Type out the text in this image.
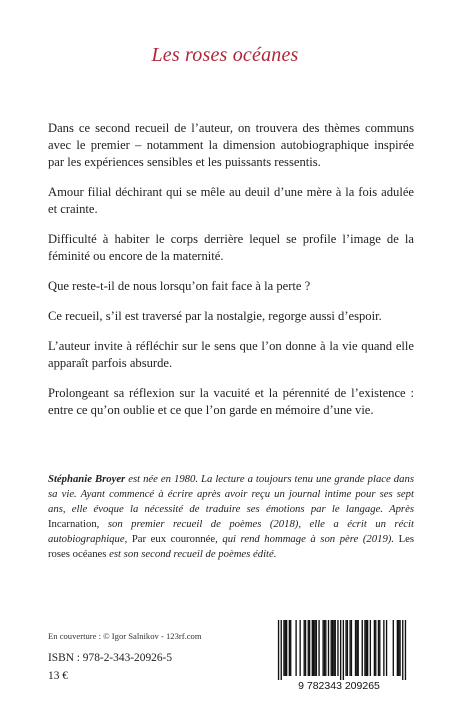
Les roses océanes

Dans ce second recueil de l’auteur, on trouvera des thèmes communs avec le premier – notamment la dimension autobiographique inspirée par les expériences sensibles et les puissants ressentis.

Amour filial déchirant qui se mêle au deuil d’une mère à la fois adulée et crainte.

Difficulté à habiter le corps derrière lequel se profile l’image de la féminité ou encore de la maternité.

Que reste-t-il de nous lorsqu’on fait face à la perte ?

Ce recueil, s’il est traversé par la nostalgie, regorge aussi d’espoir.

L’auteur invite à réfléchir sur le sens que l’on donne à la vie quand elle apparaît parfois absurde.

Prolongeant sa réflexion sur la vacuité et la pérennité de l’existence : entre ce qu’on oublie et ce que l’on garde en mémoire d’une vie.

Stéphanie Broyer est née en 1980. La lecture a toujours tenu une grande place dans sa vie. Ayant commencé à écrire après avoir reçu un journal intime pour ses sept ans, elle évoque la nécessité de traduire ses émotions par le langage. Après Incarnation, son premier recueil de poèmes (2018), elle a écrit un récit autobiographique, Par eux couronnée, qui rend hommage à son père (2019). Les roses océanes est son second recueil de poèmes édité.
En couverture : © Igor Salnikov - 123rf.com
ISBN : 978-2-343-20926-5
13 €
9 782343 209265
